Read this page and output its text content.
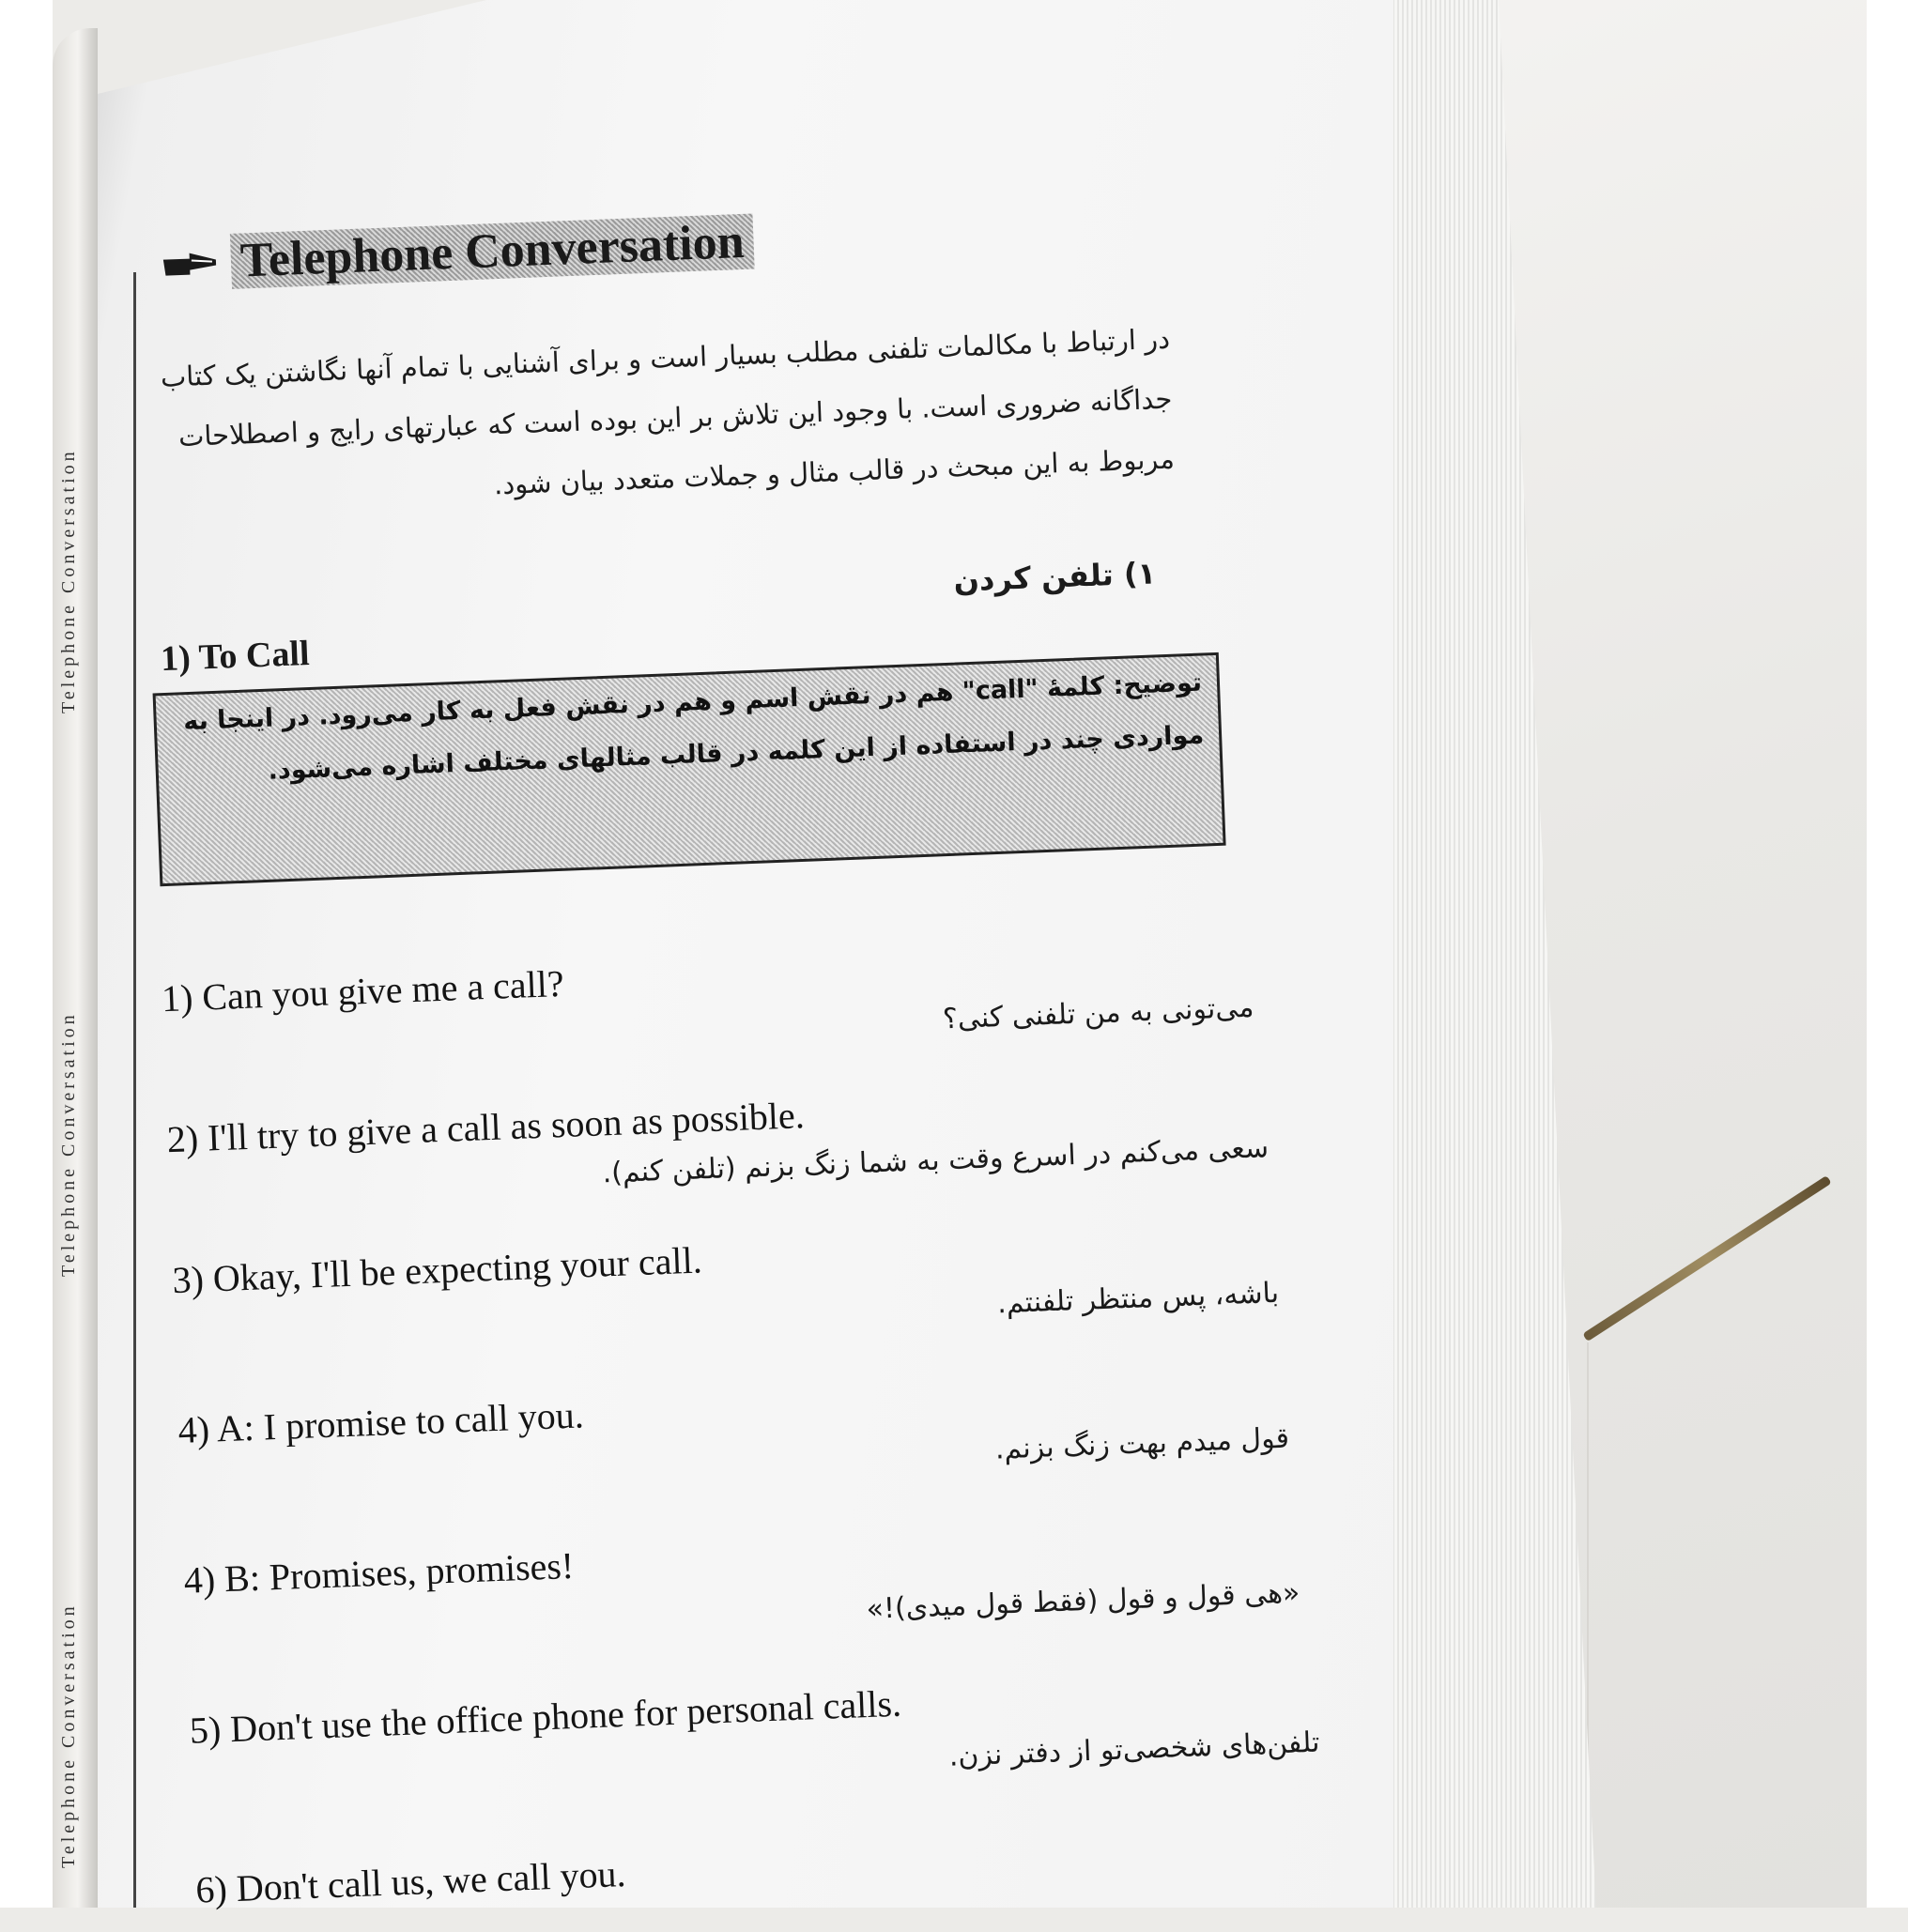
Telephone Conversation
Telephone Conversation
Telephone Conversation
Telephone Conversation
در ارتباط با مکالمات تلفنی مطلب بسیار است و برای آشنایی با تمام آنها نگاشتن یک کتاب جداگانه ضروری است. با وجود این تلاش بر این بوده است که عبارتهای رایج و اصطلاحات مربوط به این مبحث در قالب مثال و جملات متعدد بیان شود.
۱) تلفن کردن
1) To Call
توضیح: کلمهٔ "call" هم در نقش اسم و هم در نقش فعل به کار می‌رود. در اینجا به مواردی چند در استفاده از این کلمه در قالب مثالهای مختلف اشاره می‌شود.
1) Can you give me a call?	می‌تونی به من تلفنی کنی؟
2) I'll try to give a call as soon as possible.
سعی ‌می‌کنم در اسرع وقت به شما زنگ بزنم (تلفن کنم).
3) Okay, I'll be expecting your call.	باشه، پس منتظر تلفنتم.
4) A: I promise to call you.	قول میدم بهت زنگ بزنم.
4) B: Promises, promises!	«هی قول و قول (فقط قول میدی)!»
5) Don't use the office phone for personal calls. تلفن‌های شخصی‌تو از دفتر نزن.
6) Don't call us, we call you.
